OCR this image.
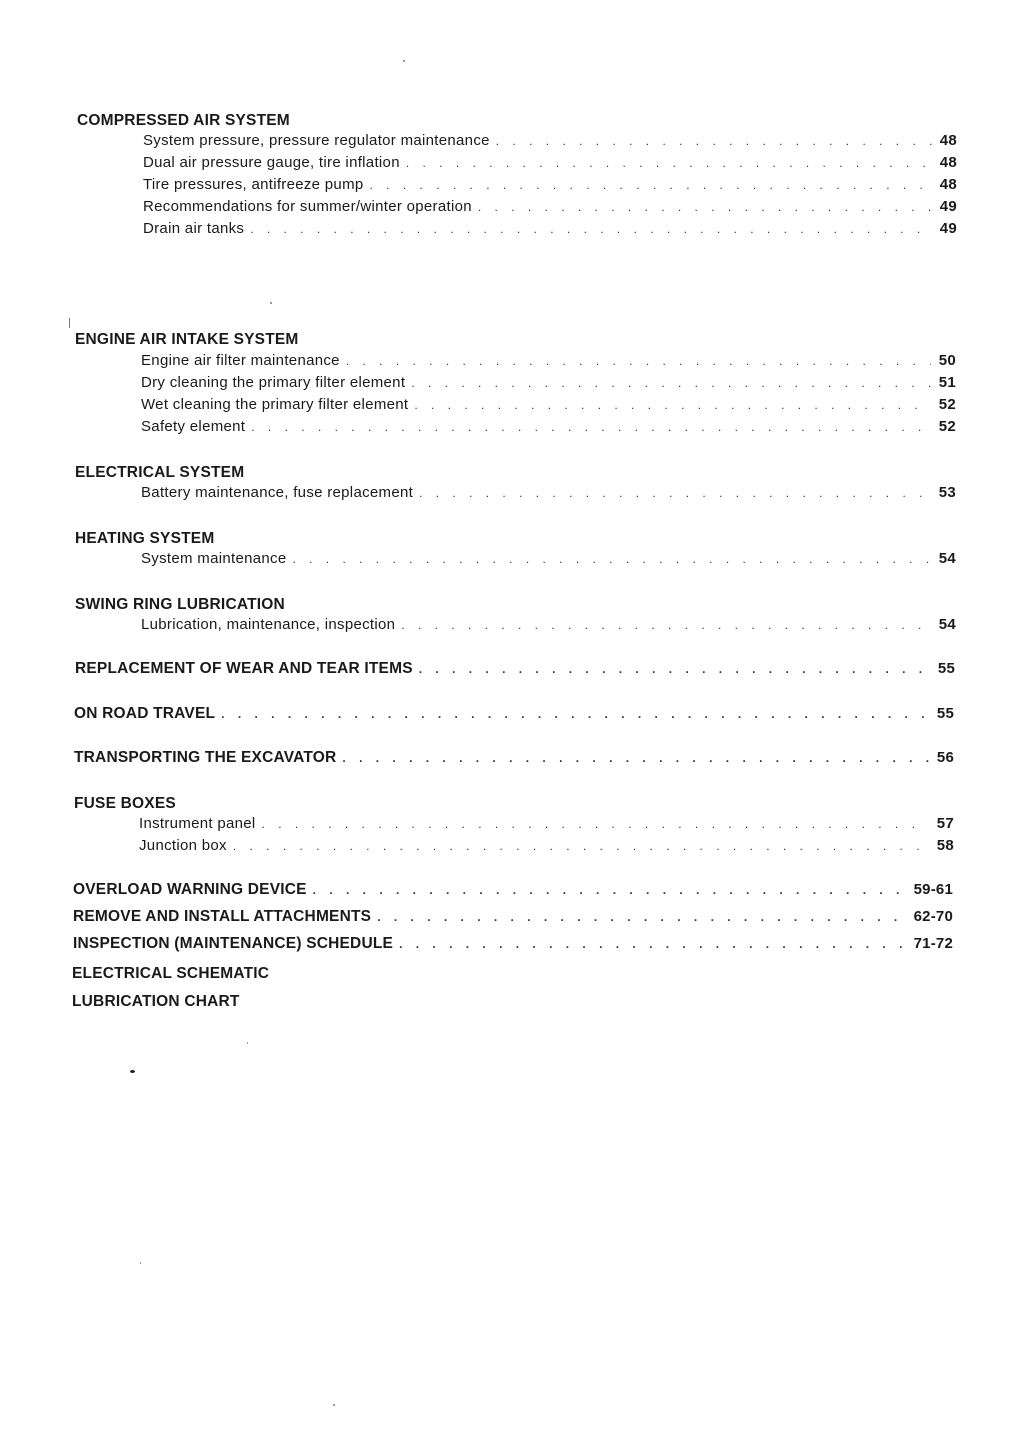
COMPRESSED AIR SYSTEM
System pressure, pressure regulator maintenance . . .	48
Dual air pressure gauge, tire inflation . . .	48
Tire pressures, antifreeze pump . . .	48
Recommendations for summer/winter operation . . .	49
Drain air tanks . . .	49
ENGINE AIR INTAKE SYSTEM
Engine air filter maintenance . . .	50
Dry cleaning the primary filter element . . .	51
Wet cleaning the primary filter element . . .	52
Safety element . . .	52
ELECTRICAL SYSTEM
Battery maintenance, fuse replacement . . .	53
HEATING SYSTEM
System maintenance . . .	54
SWING RING LUBRICATION
Lubrication, maintenance, inspection . . .	54
REPLACEMENT OF WEAR AND TEAR ITEMS . . .	55
ON ROAD TRAVEL . . .	55
TRANSPORTING THE EXCAVATOR . . .	56
FUSE BOXES
Instrument panel . . .	57
Junction box . . .	58
OVERLOAD WARNING DEVICE . . .	59-61
REMOVE AND INSTALL ATTACHMENTS . . .	62-70
INSPECTION (MAINTENANCE) SCHEDULE . . .	71-72
ELECTRICAL SCHEMATIC
LUBRICATION CHART
